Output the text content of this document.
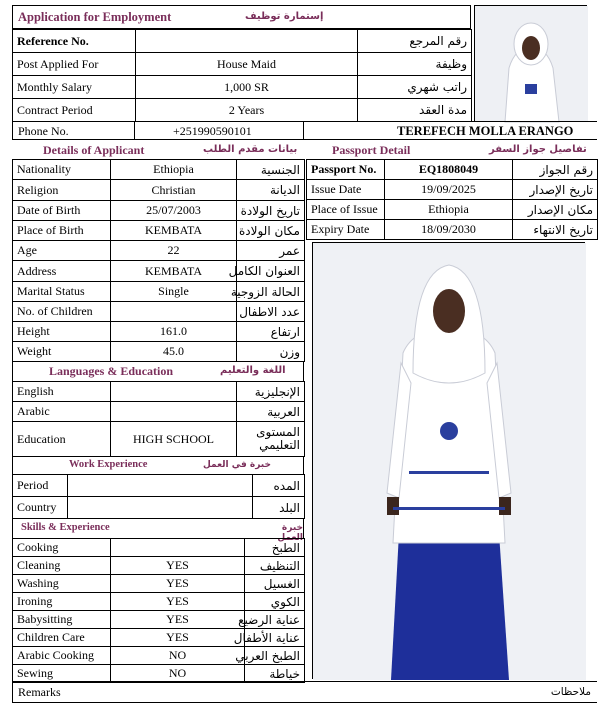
Application for Employment	إستمارة توظيف
Reference No.		رقم المرجع
Post Applied For	House Maid	وظيفة
Monthly Salary	1,000 SR	راتب شهري
Contract Period	2 Years	مدة العقد
Phone No.	+251990590101	TEREFECH MOLLA ERANGO
Details of Applicant	بيانات مقدم الطلب	Passport Detail	تفاصيل جواز السفر
Nationality	Ethiopia	الجنسية
Religion	Christian	الديانة
Date of Birth	25/07/2003	تاريخ الولادة
Place of Birth	KEMBATA	مكان الولادة
Age	22	عمر
Address	KEMBATA	العنوان الكامل
Marital Status	Single	الحالة الزوجية
No. of Children		عدد الاطفال
Height	161.0	ارتفاع
Weight	45.0	وزن
Passport No.	EQ1808049	رقم الجواز
Issue Date	19/09/2025	تاريخ الإصدار
Place of Issue	Ethiopia	مكان الإصدار
Expiry Date	18/09/2030	تاريخ الانتهاء
Languages & Education	اللغة والتعليم
English		الإنجليزية
Arabic		العربية
Education	HIGH SCHOOL	المستوى
التعليمي
Work Experience	خبرة في العمل
Period		المده
Country		البلد
Skills & Experience	خبرة العمل
Cooking		الطبخ
Cleaning	YES	التنظيف
Washing	YES	الغسيل
Ironing	YES	الكوي
Babysitting	YES	عناية الرضيع
Children Care	YES	عناية الأطفال
Arabic Cooking	NO	الطبخ العربي
Sewing	NO	خياطة
Remarks	ملاحظات
